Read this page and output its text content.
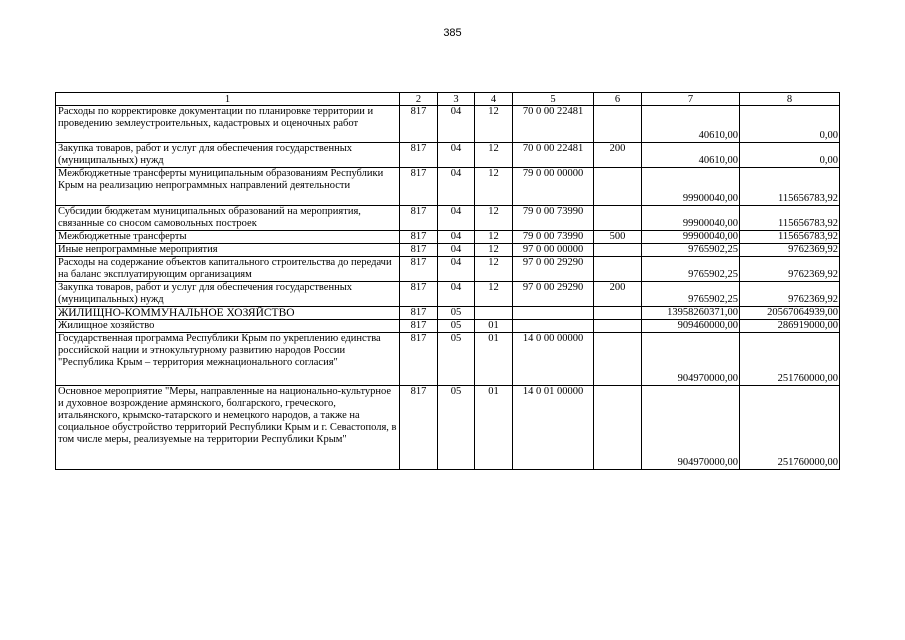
385
1	2	3	4	5	6	7	8
Расходы по корректировке документации по планировке территории и проведению землеустроительных, кадастровых и оценочных работ	817	04	12	70 0 00 22481		40610,00	0,00
Закупка товаров, работ и услуг для обеспечения государственных (муниципальных) нужд	817	04	12	70 0 00 22481	200	40610,00	0,00
Межбюджетные трансферты муниципальным образованиям Республики Крым на реализацию непрограммных направлений деятельности	817	04	12	79 0 00 00000		99900040,00	115656783,92
Субсидии бюджетам муниципальных образований на мероприятия, связанные со сносом самовольных построек	817	04	12	79 0 00 73990		99900040,00	115656783,92
Межбюджетные трансферты	817	04	12	79 0 00 73990	500	99900040,00	115656783,92
Иные непрограммные мероприятия	817	04	12	97 0 00 00000		9765902,25	9762369,92
Расходы на содержание объектов капитального строительства до передачи на баланс эксплуатирующим организациям	817	04	12	97 0 00 29290		9765902,25	9762369,92
Закупка товаров, работ и услуг для обеспечения государственных (муниципальных) нужд	817	04	12	97 0 00 29290	200	9765902,25	9762369,92
ЖИЛИЩНО-КОММУНАЛЬНОЕ ХОЗЯЙСТВО	817	05				13958260371,00	20567064939,00
Жилищное хозяйство	817	05	01			909460000,00	286919000,00
Государственная программа Республики Крым по укреплению единства российской нации и этнокультурному развитию народов России "Республика Крым – территория межнационального согласия"	817	05	01	14 0 00 00000		904970000,00	251760000,00
Основное мероприятие "Меры, направленные на национально-культурное и духовное возрождение армянского, болгарского, греческого, итальянского, крымско-татарского и немецкого народов, а также на социальное обустройство территорий Республики Крым и г. Севастополя, в том числе меры, реализуемые на территории Республики Крым"	817	05	01	14 0 01 00000		904970000,00	251760000,00
